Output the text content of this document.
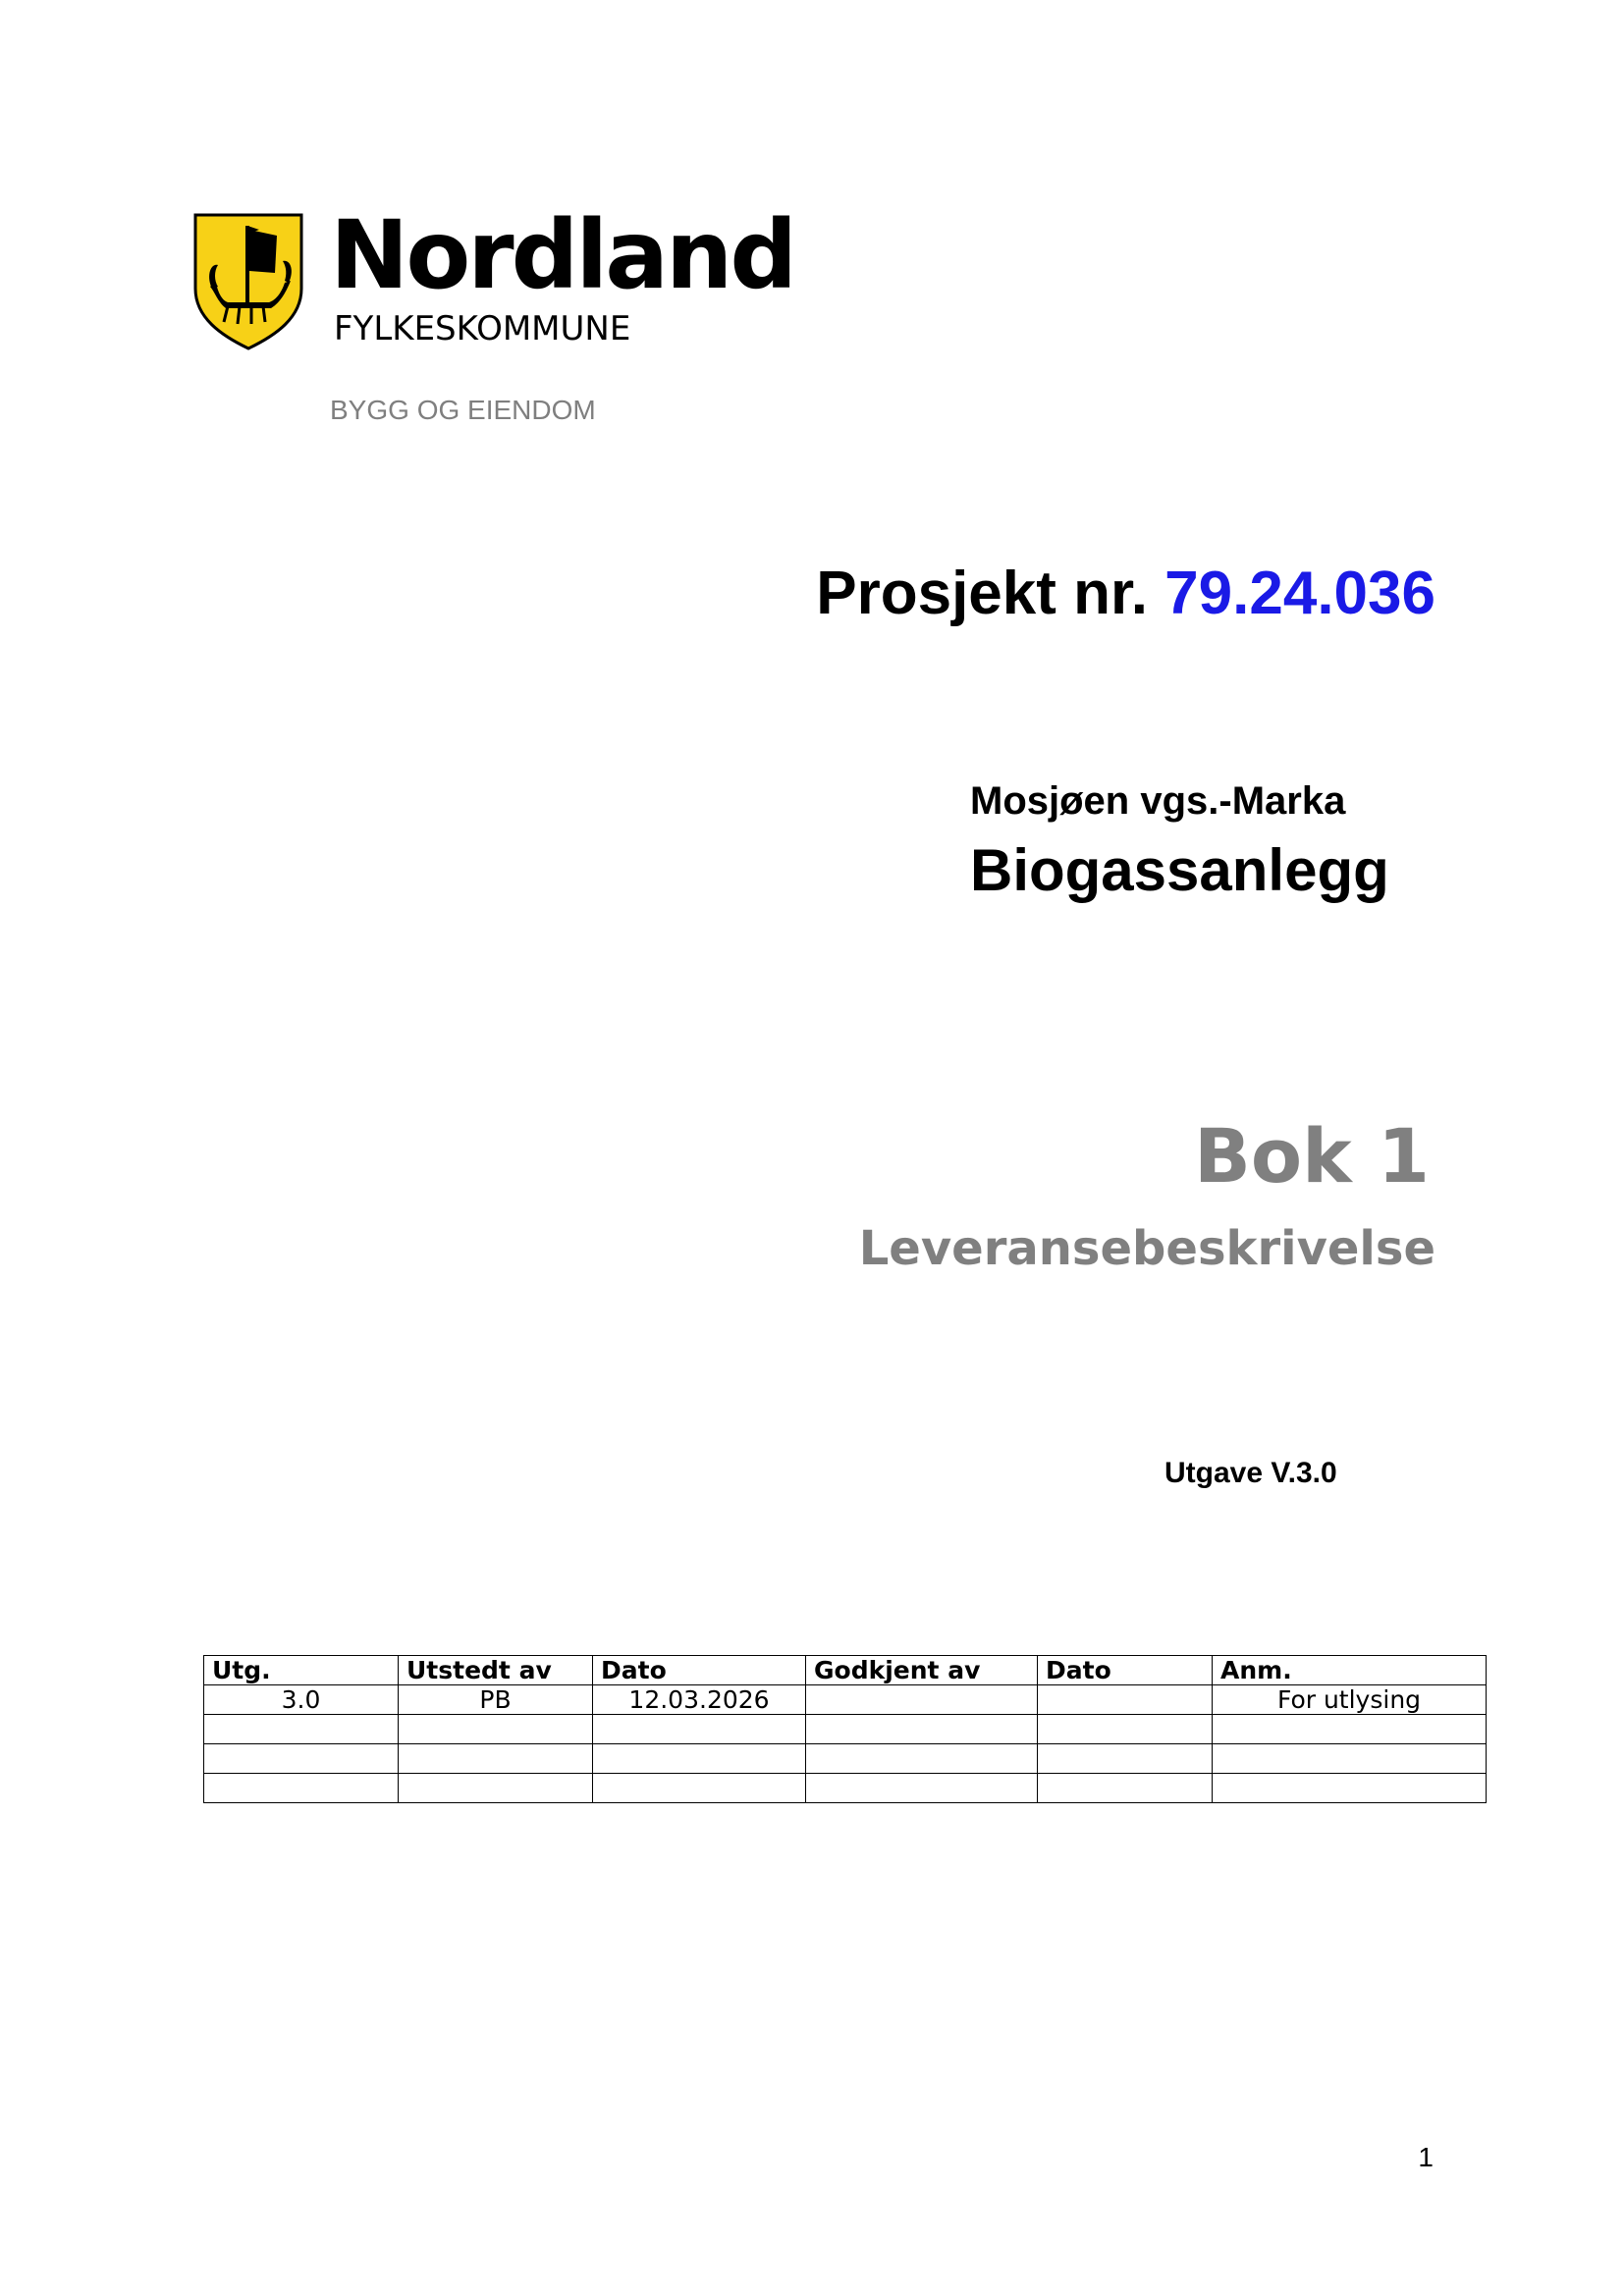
Nordland
FYLKESKOMMUNE
BYGG OG EIENDOM
Prosjekt nr. 79.24.036
Mosjøen vgs.-Marka
Biogassanlegg
Bok 1
Leveransebeskrivelse
Utgave V.3.0
Utg.	Utstedt av	Dato	Godkjent av	Dato	Anm.
3.0	PB	12.03.2026			For utlysing

1
